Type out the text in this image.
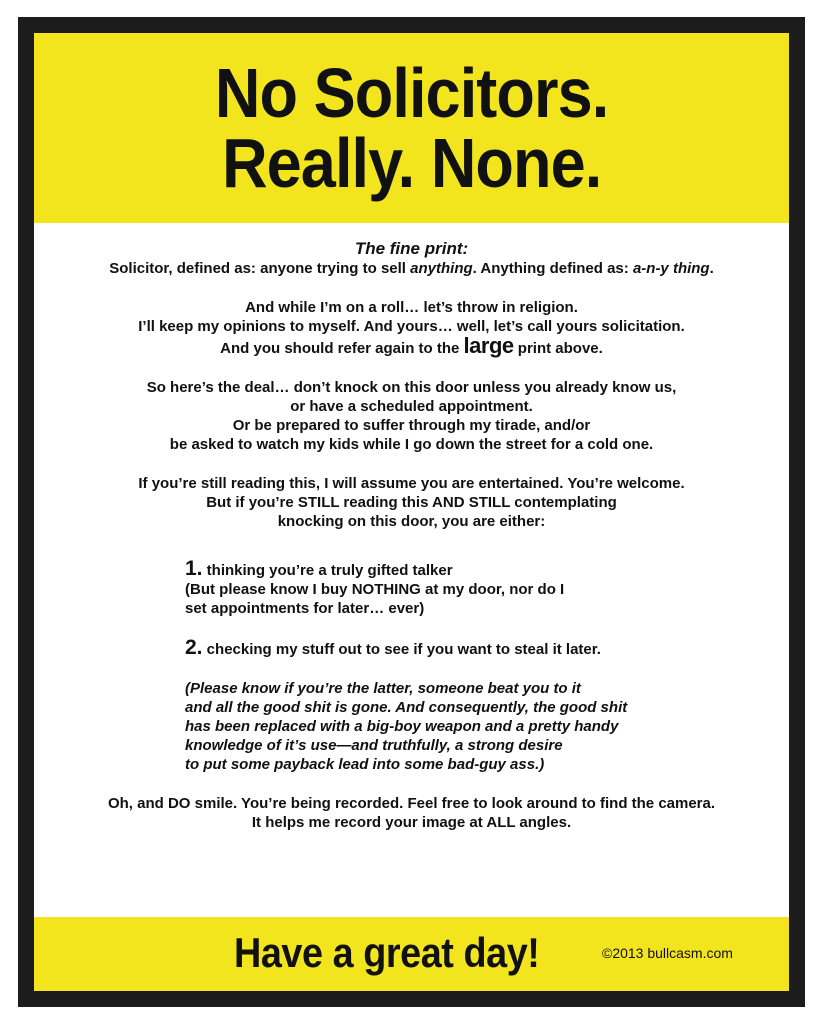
No Solicitors.
Really. None.

The fine print:

Solicitor, defined as: anyone trying to sell anything. Anything defined as: a-n-y thing.

And while I’m on a roll… let’s throw in religion.

I’ll keep my opinions to myself. And yours… well, let’s call yours solicitation.

And you should refer again to the large print above.

So here’s the deal… don’t knock on this door unless you already know us,

or have a scheduled appointment.

Or be prepared to suffer through my tirade, and/or

be asked to watch my kids while I go down the street for a cold one.

If you’re still reading this, I will assume you are entertained. You’re welcome.

But if you’re STILL reading this AND STILL contemplating

knocking on this door, you are either:

1. thinking you’re a truly gifted talker

(But please know I buy NOTHING at my door, nor do I

set appointments for later… ever)

2. checking my stuff out to see if you want to steal it later.

(Please know if you’re the latter, someone beat you to it

and all the good shit is gone. And consequently, the good shit

has been replaced with a big-boy weapon and a pretty handy

knowledge of it’s use—and truthfully, a strong desire

to put some payback lead into some bad-guy ass.)

Oh, and DO smile. You’re being recorded. Feel free to look around to find the camera.

It helps me record your image at ALL angles.

Have a great day!	©2013 bullcasm.com
